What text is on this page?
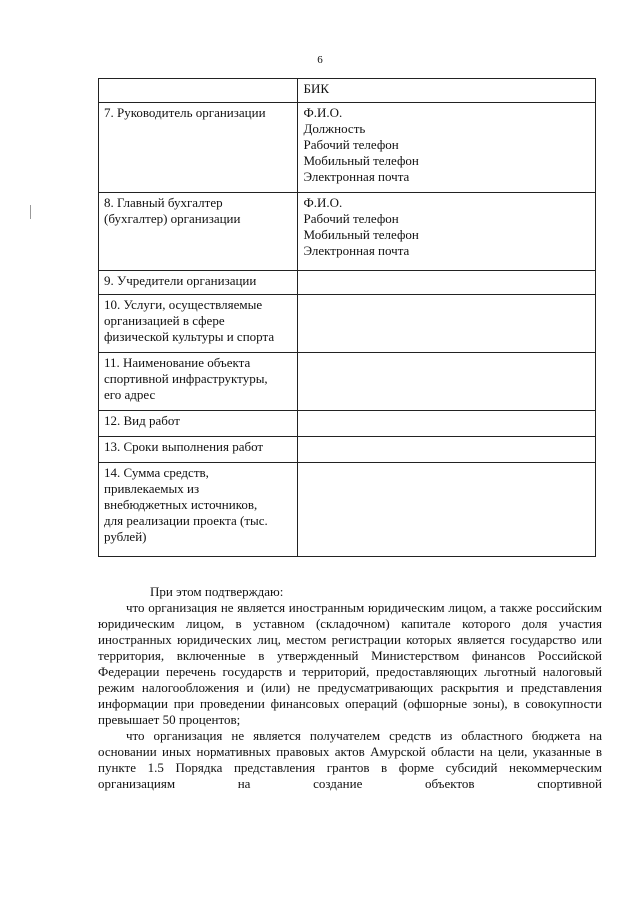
6

	БИК

7. Руководитель организации	Ф.И.О.
Должность
Рабочий телефон
Мобильный телефон
Электронная почта

8. Главный бухгалтер
(бухгалтер) организации	Ф.И.О.
Рабочий телефон
Мобильный телефон
Электронная почта

9. Учредители организации	

10. Услуги, осуществляемые
организацией в сфере
физической культуры и спорта	

11. Наименование объекта
спортивной инфраструктуры,
его адрес	

12. Вид работ	

13. Сроки выполнения работ	

14. Сумма средств,
привлекаемых из
внебюджетных источников,
для реализации проекта (тыс.
рублей)	

При этом подтверждаю:

что организация не является иностранным юридическим лицом, а также российским юридическим лицом, в уставном (складочном) капитале которого доля участия иностранных юридических лиц, местом регистрации которых является государство или территория, включенные в утвержденный Министерством финансов Российской Федерации перечень государств и территорий, предоставляющих льготный налоговый режим налогообложения и (или) не предусматривающих раскрытия и представления информации при проведении финансовых операций (офшорные зоны), в совокупности превышает 50 процентов;

что организация не является получателем средств из областного бюджета на основании иных нормативных правовых актов Амурской области на цели, указанные в пункте 1.5 Порядка представления грантов в форме субсидий некоммерческим организациям на создание объектов спортивной
